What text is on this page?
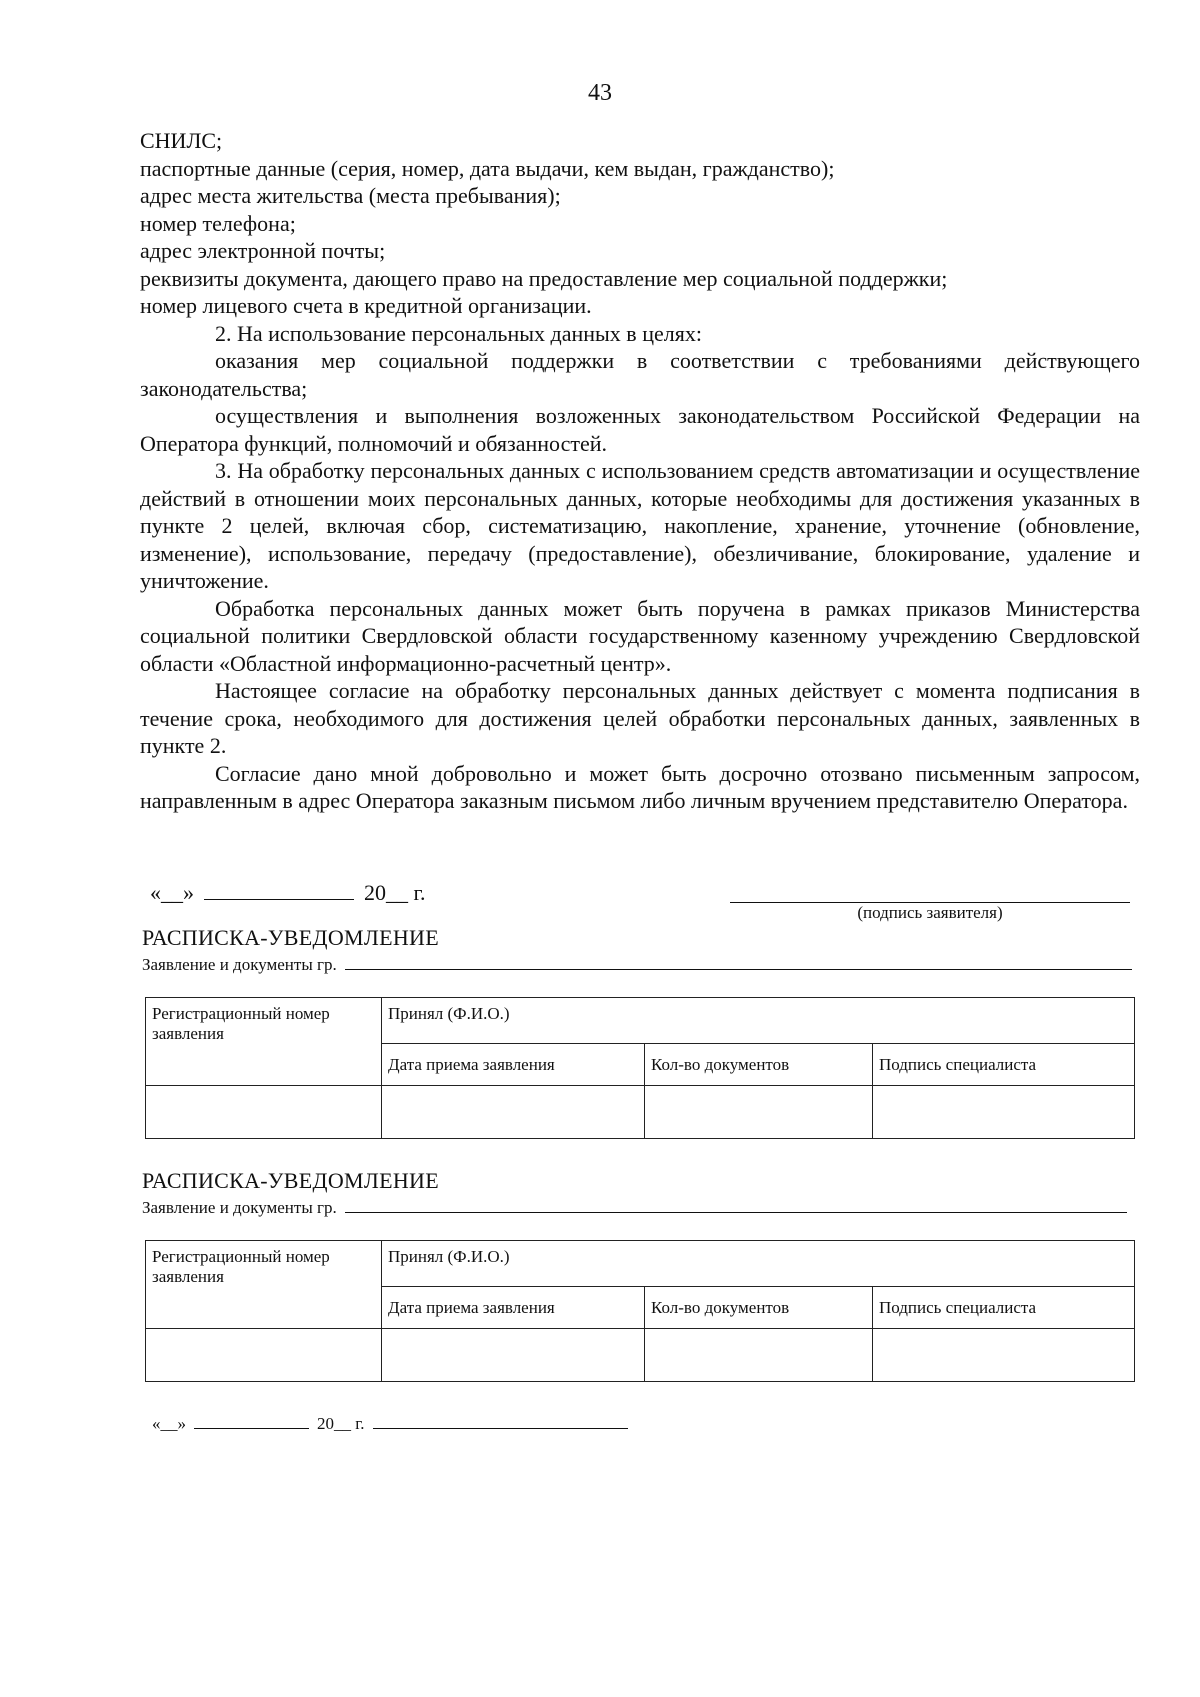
43

СНИЛС;

паспортные данные (серия, номер, дата выдачи, кем выдан, гражданство);

адрес места жительства (места пребывания);

номер телефона;

адрес электронной почты;

реквизиты документа, дающего право на предоставление мер социальной поддержки;

номер лицевого счета в кредитной организации.

2. На использование персональных данных в целях:

оказания мер социальной поддержки в соответствии с требованиями действующего законодательства;

осуществления и выполнения возложенных законодательством Российской Федерации на Оператора функций, полномочий и обязанностей.

3. На обработку персональных данных с использованием средств автоматизации и осуществление действий в отношении моих персональных данных, которые необходимы для достижения указанных в пункте 2 целей, включая сбор, систематизацию, накопление, хранение, уточнение (обновление, изменение), использование, передачу (предоставление), обезличивание, блокирование, удаление и уничтожение.

Обработка персональных данных может быть поручена в рамках приказов Министерства социальной политики Свердловской области государственному казенному учреждению Свердловской области «Областной информационно-расчетный центр».

Настоящее согласие на обработку персональных данных действует с момента подписания в течение срока, необходимого для достижения целей обработки персональных данных, заявленных в пункте 2.

Согласие дано мной добровольно и может быть досрочно отозвано письменным запросом, направленным в адрес Оператора заказным письмом либо личным вручением представителю Оператора.

«__»	20__ г.
(подпись заявителя)
РАСПИСКА-УВЕДОМЛЕНИЕ
Заявление и документы гр.
Регистрационный номер заявления	Принял (Ф.И.О.)		
	Дата приема заявления	Кол-во документов	Подпись специалиста

РАСПИСКА-УВЕДОМЛЕНИЕ
Заявление и документы гр.
Регистрационный номер заявления	Принял (Ф.И.О.)		
	Дата приема заявления	Кол-во документов	Подпись специалиста

«__»	20__ г.
